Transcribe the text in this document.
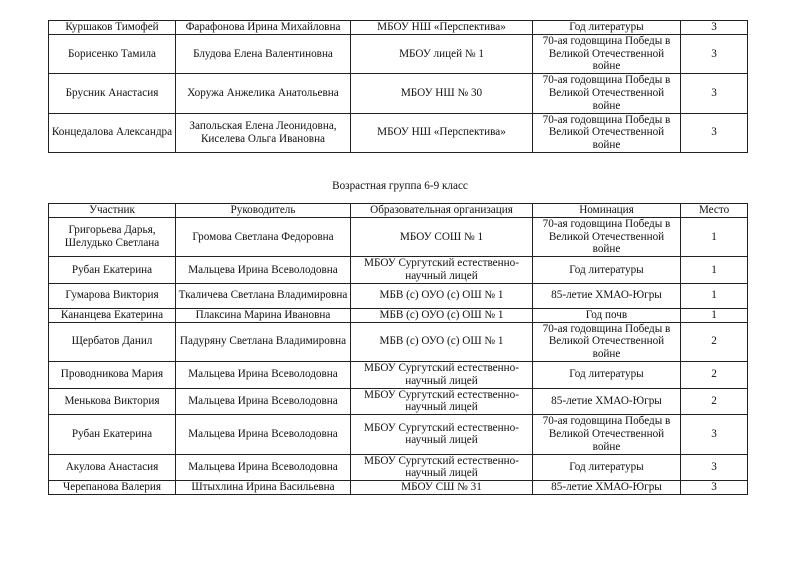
Куршаков Тимофей	Фарафонова Ирина Михайловна	МБОУ НШ «Перспектива»	Год литературы	3
Борисенко Тамила	Блудова Елена Валентиновна	МБОУ лицей № 1	70-ая годовщина Победы в Великой Отечественной войне	3
Брусник Анастасия	Хоружа Анжелика Анатольевна	МБОУ НШ № 30	70-ая годовщина Победы в Великой Отечественной войне	3
Концедалова Александра	Запольская Елена Леонидовна, Киселева Ольга Ивановна	МБОУ НШ «Перспектива»	70-ая годовщина Победы в Великой Отечественной войне	3
Возрастная группа 6-9 класс
Участник	Руководитель	Образовательная организация	Номинация	Место
Григорьева Дарья, Шелудько Светлана	Громова Светлана Федоровна	МБОУ СОШ № 1	70-ая годовщина Победы в Великой Отечественной войне	1
Рубан Екатерина	Мальцева Ирина Всеволодовна	МБОУ Сургутский естественно-научный лицей	Год литературы	1
Гумарова Виктория	Ткаличева Светлана Владимировна	МБВ (с) ОУО (с) ОШ № 1	85-летие ХМАО-Югры	1
Кананцева Екатерина	Плаксина Марина Ивановна	МБВ (с) ОУО (с) ОШ № 1	Год почв	1
Щербатов Данил	Падуряну Светлана Владимировна	МБВ (с) ОУО (с) ОШ № 1	70-ая годовщина Победы в Великой Отечественной войне	2
Проводникова Мария	Мальцева Ирина Всеволодовна	МБОУ Сургутский естественно-научный лицей	Год литературы	2
Менькова Виктория	Мальцева Ирина Всеволодовна	МБОУ Сургутский естественно-научный лицей	85-летие ХМАО-Югры	2
Рубан Екатерина	Мальцева Ирина Всеволодовна	МБОУ Сургутский естественно-научный лицей	70-ая годовщина Победы в Великой Отечественной войне	3
Акулова Анастасия	Мальцева Ирина Всеволодовна	МБОУ Сургутский естественно-научный лицей	Год литературы	3
Черепанова Валерия	Штыхлина Ирина Васильевна	МБОУ СШ № 31	85-летие ХМАО-Югры	3
